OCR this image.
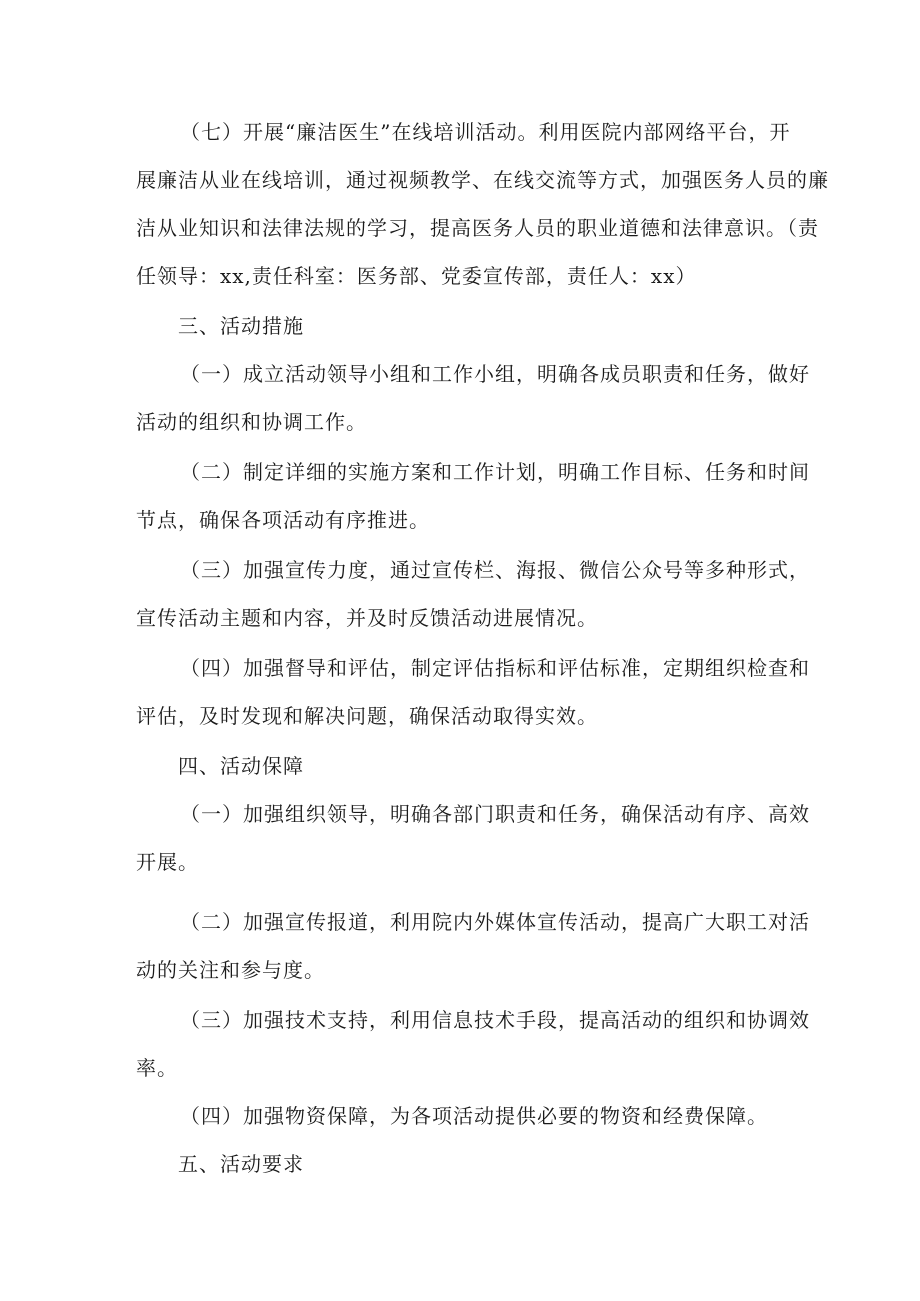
（七）开展“廉洁医生”在线培训活动。利用医院内部网络平台，开
展廉洁从业在线培训，通过视频教学、在线交流等方式，加强医务人员的廉
洁从业知识和法律法规的学习，提高医务人员的职业道德和法律意识。（责
任领导：xx,责任科室：医务部、党委宣传部，责任人：xx）
三、活动措施
（一）成立活动领导小组和工作小组，明确各成员职责和任务，做好
活动的组织和协调工作。
（二）制定详细的实施方案和工作计划，明确工作目标、任务和时间
节点，确保各项活动有序推进。
（三）加强宣传力度，通过宣传栏、海报、微信公众号等多种形式，
宣传活动主题和内容，并及时反馈活动进展情况。
（四）加强督导和评估，制定评估指标和评估标准，定期组织检查和
评估，及时发现和解决问题，确保活动取得实效。
四、活动保障
（一）加强组织领导，明确各部门职责和任务，确保活动有序、高效
开展。
（二）加强宣传报道，利用院内外媒体宣传活动，提高广大职工对活
动的关注和参与度。
（三）加强技术支持，利用信息技术手段，提高活动的组织和协调效
率。
（四）加强物资保障，为各项活动提供必要的物资和经费保障。
五、活动要求
